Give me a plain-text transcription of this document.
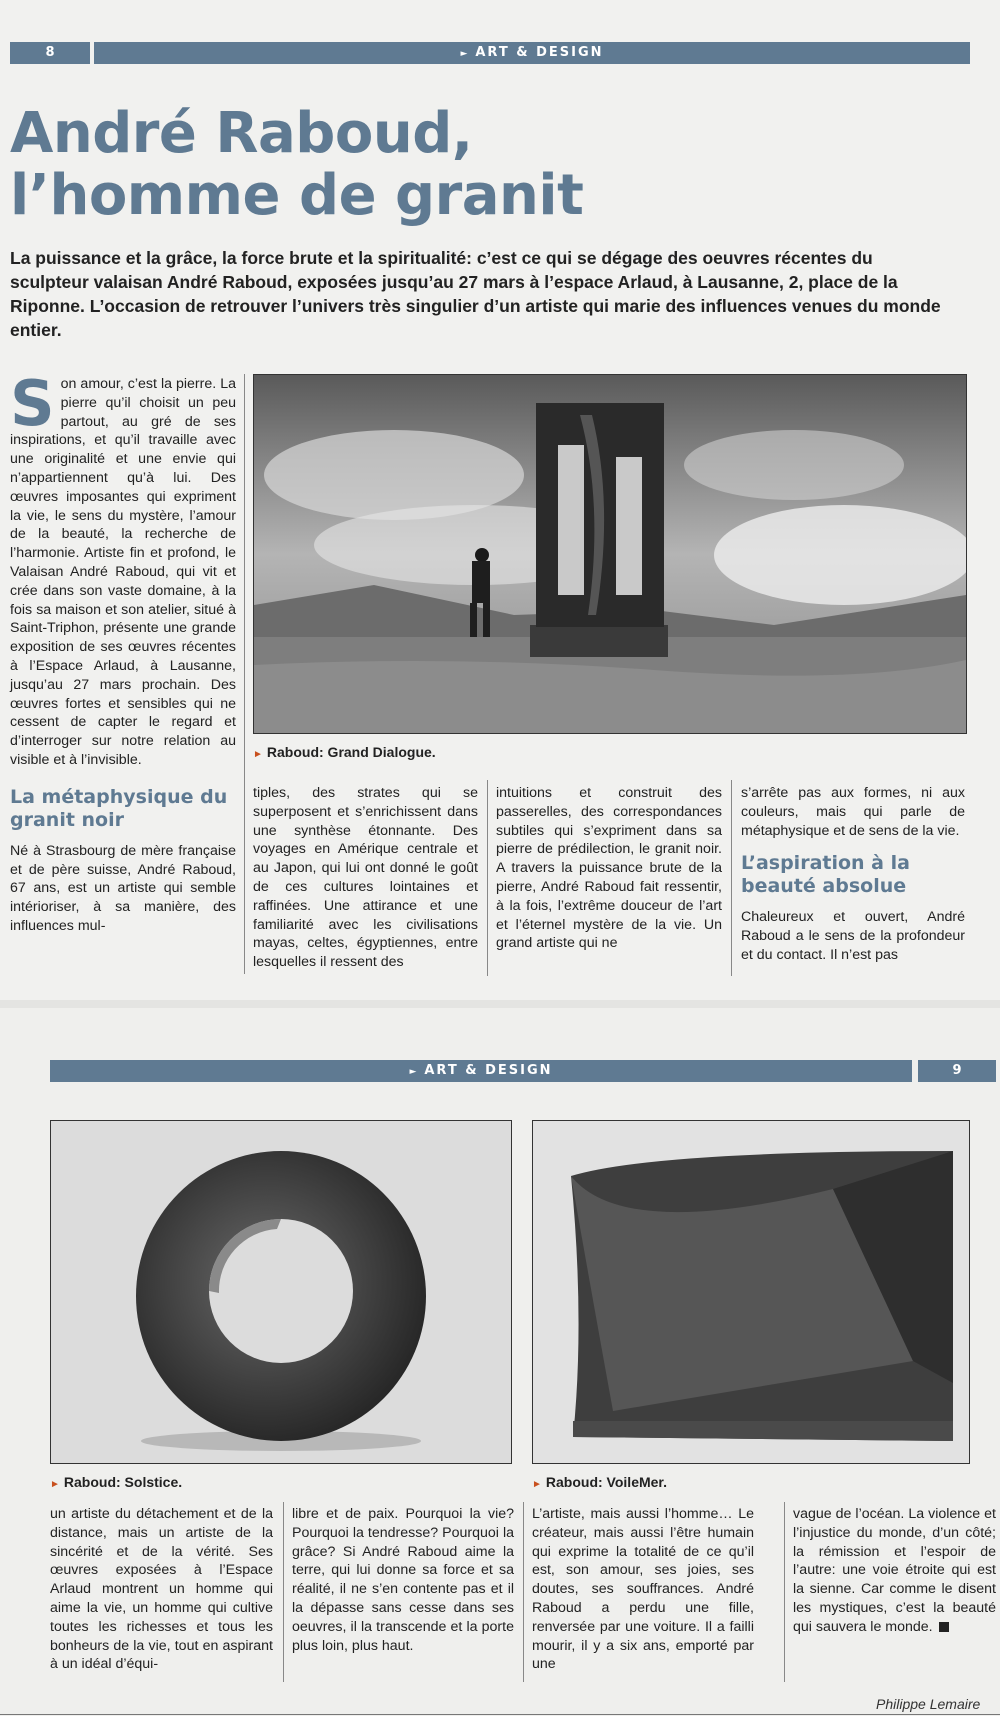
8	► ART & DESIGN
André Raboud,
l’homme de granit
La puissance et la grâce, la force brute et la spiritualité: c’est ce qui se dégage des oeuvres récentes du sculpteur valaisan André Raboud, exposées jusqu’au 27 mars à l’espace Arlaud, à Lausanne, 2, place de la Riponne. L’occasion de retrouver l’univers très singulier d’un artiste qui marie des influences venues du monde entier.
Son amour, c’est la pierre. La pierre qu’il choisit un peu partout, au gré de ses inspirations, et qu’il travaille avec une originalité et une envie qui n’appartiennent qu’à lui. Des œuvres imposantes qui expriment la vie, le sens du mystère, l’amour de la beauté, la recherche de l’harmonie. Artiste fin et profond, le Valaisan André Raboud, qui vit et crée dans son vaste domaine, à la fois sa maison et son atelier, situé à Saint-Triphon, présente une grande exposition de ses œuvres récentes à l’Espace Arlaud, à Lausanne, jusqu’au 27 mars prochain. Des œuvres fortes et sensibles qui ne cessent de capter le regard et d’interroger sur notre relation au visible et à l’invisible.
La métaphysique du granit noir
Né à Strasbourg de mère française et de père suisse, André Raboud, 67 ans, est un artiste qui semble intérioriser, à sa manière, des influences mul-
► Raboud: Grand Dialogue.
tiples, des strates qui se superposent et s’enrichissent dans une synthèse étonnante. Des voyages en Amérique centrale et au Japon, qui lui ont donné le goût de ces cultures lointaines et raffinées. Une attirance et une familiarité avec les civilisations mayas, celtes, égyptiennes, entre lesquelles il ressent des
intuitions et construit des passerelles, des correspondances subtiles qui s’expriment dans sa pierre de prédilection, le granit noir. A travers la puissance brute de la pierre, André Raboud fait ressentir, à la fois, l’extrême douceur de l’art et l’éternel mystère de la vie. Un grand artiste qui ne
s’arrête pas aux formes, ni aux couleurs, mais qui parle de métaphysique et de sens de la vie.
L’aspiration à la beauté absolue
Chaleureux et ouvert, André Raboud a le sens de la profondeur et du contact. Il n’est pas
► ART & DESIGN	9
► Raboud: Solstice.	► Raboud: VoileMer.
un artiste du détachement et de la distance, mais un artiste de la sincérité et de la vérité. Ses œuvres exposées à l’Espace Arlaud montrent un homme qui aime la vie, un homme qui cultive toutes les richesses et tous les bonheurs de la vie, tout en aspirant à un idéal d’équi-
libre et de paix. Pourquoi la vie? Pourquoi la tendresse? Pourquoi la grâce? Si André Raboud aime la terre, qui lui donne sa force et sa réalité, il ne s’en contente pas et il la dépasse sans cesse dans ses oeuvres, il la transcende et la porte plus loin, plus haut.
L’artiste, mais aussi l’homme… Le créateur, mais aussi l’être humain qui exprime la totalité de ce qu’il est, son amour, ses joies, ses doutes, ses souffrances. André Raboud a perdu une fille, renversée par une voiture. Il a failli mourir, il y a six ans, emporté par une
vague de l’océan. La violence et l’injustice du monde, d’un côté; la rémission et l’espoir de l’autre: une voie étroite qui est la sienne. Car comme le disent les mystiques, c’est la beauté qui sauvera le monde.
Philippe Lemaire
